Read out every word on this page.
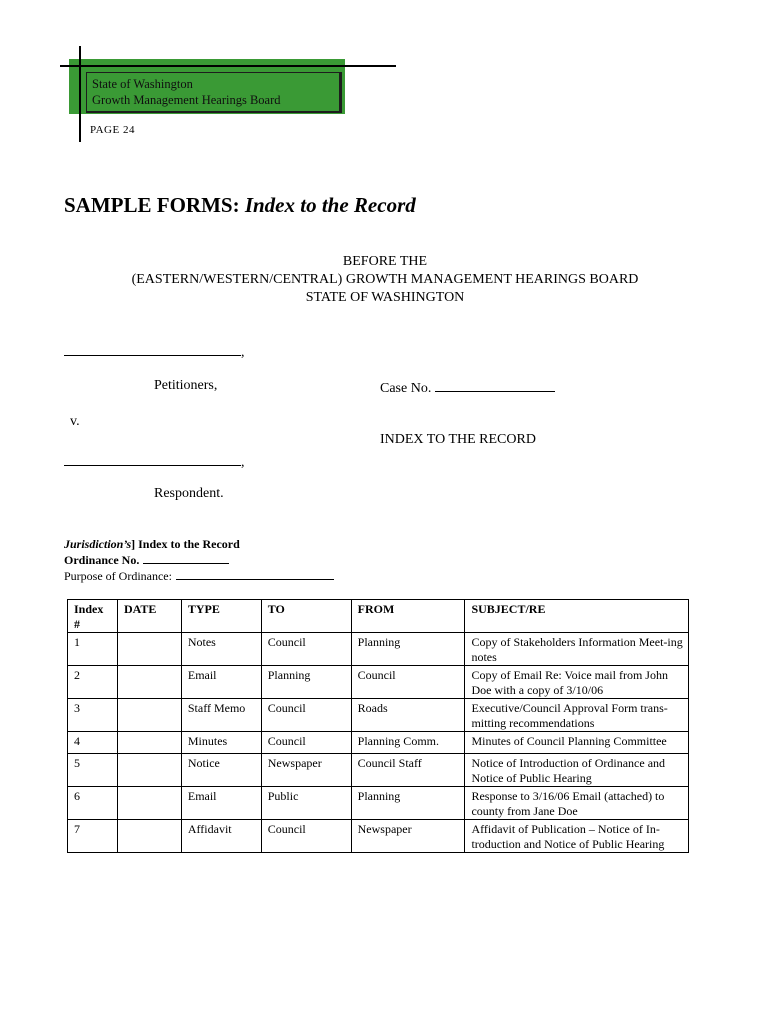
State of Washington
Growth Management Hearings Board
PAGE 24
SAMPLE FORMS: Index to the Record
BEFORE THE
(EASTERN/WESTERN/CENTRAL) GROWTH MANAGEMENT HEARINGS BOARD
STATE OF WASHINGTON
,
Petitioners,	Case No.
v.
INDEX TO THE RECORD
,
Respondent.
Jurisdiction’s] Index to the Record
Ordinance No.
Purpose of Ordinance:
Index #	DATE	TYPE	TO	FROM	SUBJECT/RE
1		Notes	Council	Planning	Copy of Stakeholders Information Meet-ing notes
2		Email	Planning	Council	Copy of Email Re: Voice mail from John Doe with a copy of 3/10/06
3		Staff Memo	Council	Roads	Executive/Council Approval Form trans-mitting recommendations
4		Minutes	Council	Planning Comm.	Minutes of Council Planning Committee
5		Notice	Newspaper	Council Staff	Notice of Introduction of Ordinance and Notice of Public Hearing
6		Email	Public	Planning	Response to 3/16/06 Email (attached) to county from Jane Doe
7		Affidavit	Council	Newspaper	Affidavit of Publication – Notice of In-troduction and Notice of Public Hearing
